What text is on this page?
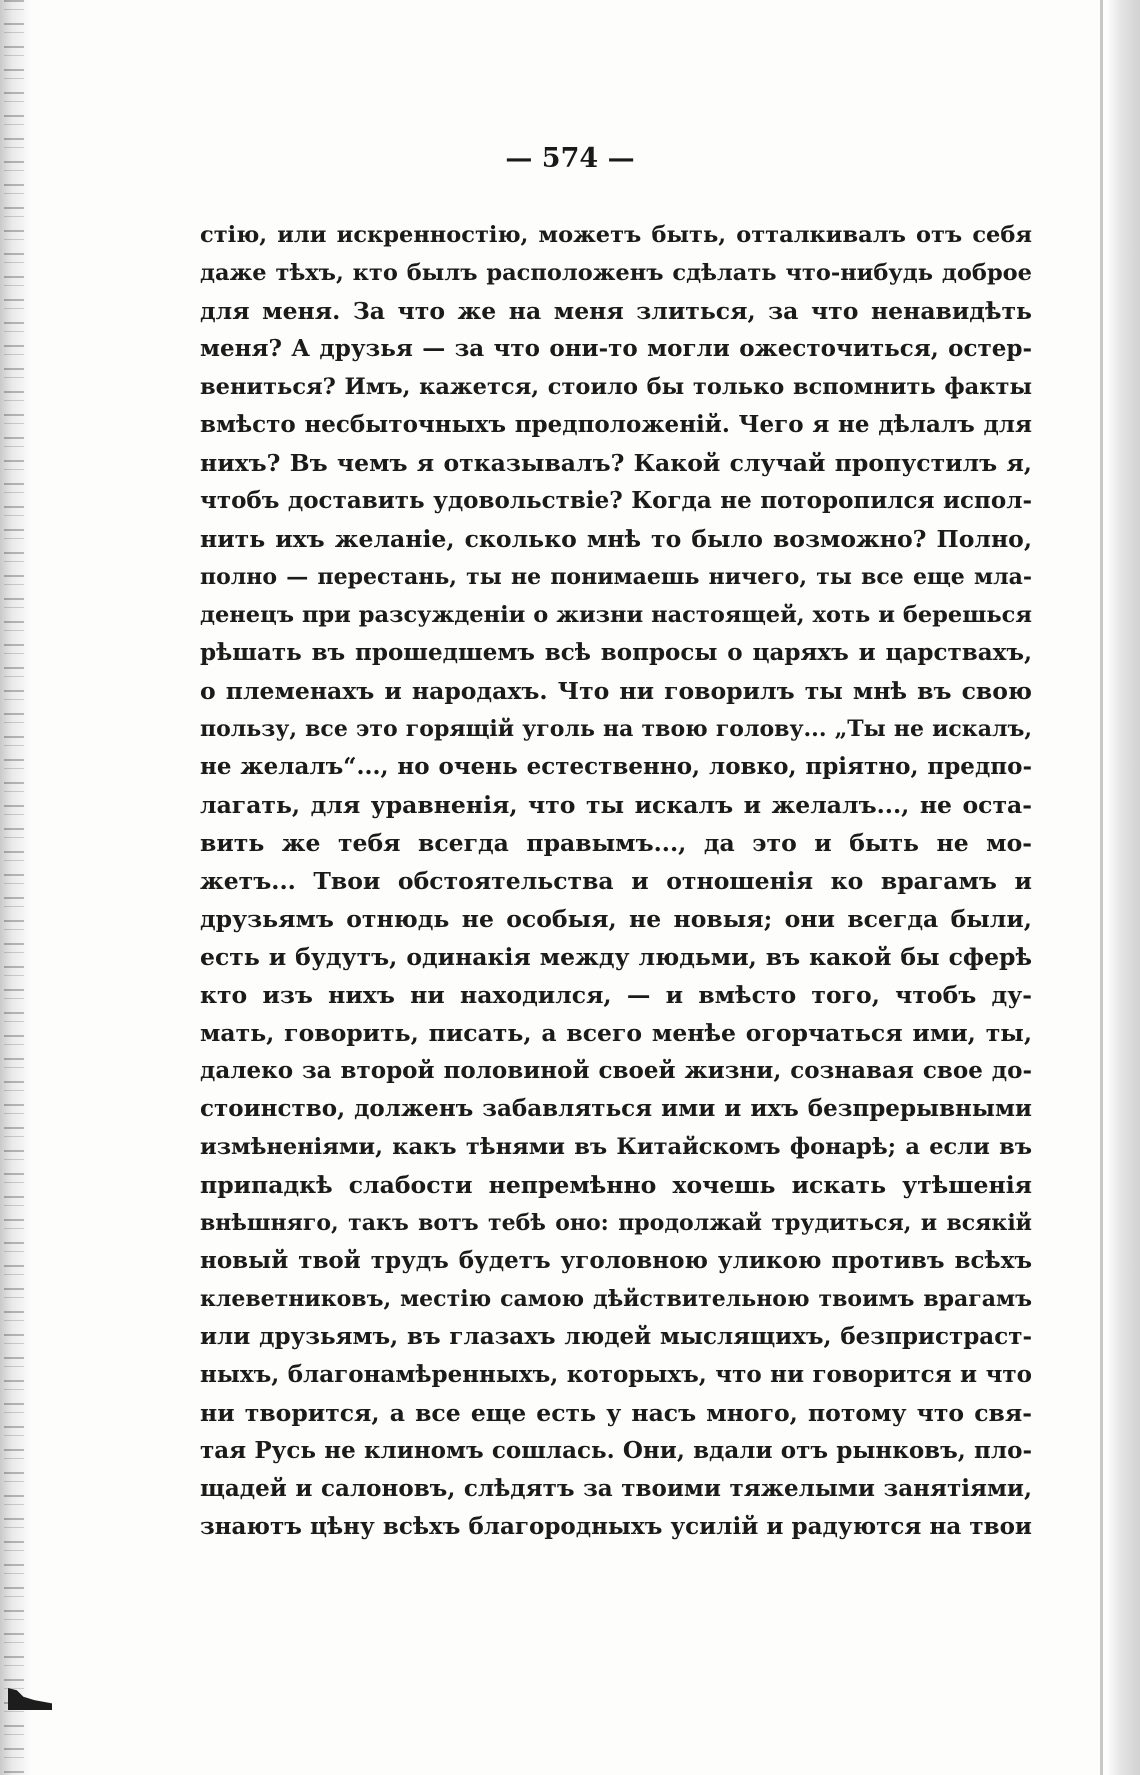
— 574 —
стію, или искренностію, можетъ быть, отталкивалъ отъ себя
даже тѣхъ, кто былъ расположенъ сдѣлать что-нибудь доброе
для меня. За что же на меня злиться, за что ненавидѣть
меня? А друзья — за что они-то могли ожесточиться, остер-
вениться? Имъ, кажется, стоило бы только вспомнить факты
вмѣсто несбыточныхъ предположеній. Чего я не дѣлалъ для
нихъ? Въ чемъ я отказывалъ? Какой случай пропустилъ я,
чтобъ доставить удовольствіе? Когда не поторопился испол-
нить ихъ желаніе, сколько мнѣ то было возможно? Полно,
полно — перестань, ты не понимаешь ничего, ты все еще мла-
денецъ при разсужденіи о жизни настоящей, хоть и берешься
рѣшать въ прошедшемъ всѣ вопросы о царяхъ и царствахъ,
о племенахъ и народахъ. Что ни говорилъ ты мнѣ въ свою
пользу, все это горящій уголь на твою голову... „Ты не искалъ,
не желалъ“..., но очень естественно, ловко, пріятно, предпо-
лагать, для уравненія, что ты искалъ и желалъ..., не оста-
вить же тебя всегда правымъ..., да это и быть не мо-
жетъ... Твои обстоятельства и отношенія ко врагамъ и
друзьямъ отнюдь не особыя, не новыя; они всегда были,
есть и будутъ, одинакія между людьми, въ какой бы сферѣ
кто изъ нихъ ни находился, — и вмѣсто того, чтобъ ду-
мать, говорить, писать, а всего менѣе огорчаться ими, ты,
далеко за второй половиной своей жизни, сознавая свое до-
стоинство, долженъ забавляться ими и ихъ безпрерывными
измѣненіями, какъ тѣнями въ Китайскомъ фонарѣ; а если въ
припадкѣ слабости непремѣнно хочешь искать утѣшенія
внѣшняго, такъ вотъ тебѣ оно: продолжай трудиться, и всякій
новый твой трудъ будетъ уголовною уликою противъ всѣхъ
клеветниковъ, местію самою дѣйствительною твоимъ врагамъ
или друзьямъ, въ глазахъ людей мыслящихъ, безпристраст-
ныхъ, благонамѣренныхъ, которыхъ, что ни говорится и что
ни творится, а все еще есть у насъ много, потому что свя-
тая Русь не клиномъ сошлась. Они, вдали отъ рынковъ, пло-
щадей и салоновъ, слѣдятъ за твоими тяжелыми занятіями,
знаютъ цѣну всѣхъ благородныхъ усилій и радуются на твои
